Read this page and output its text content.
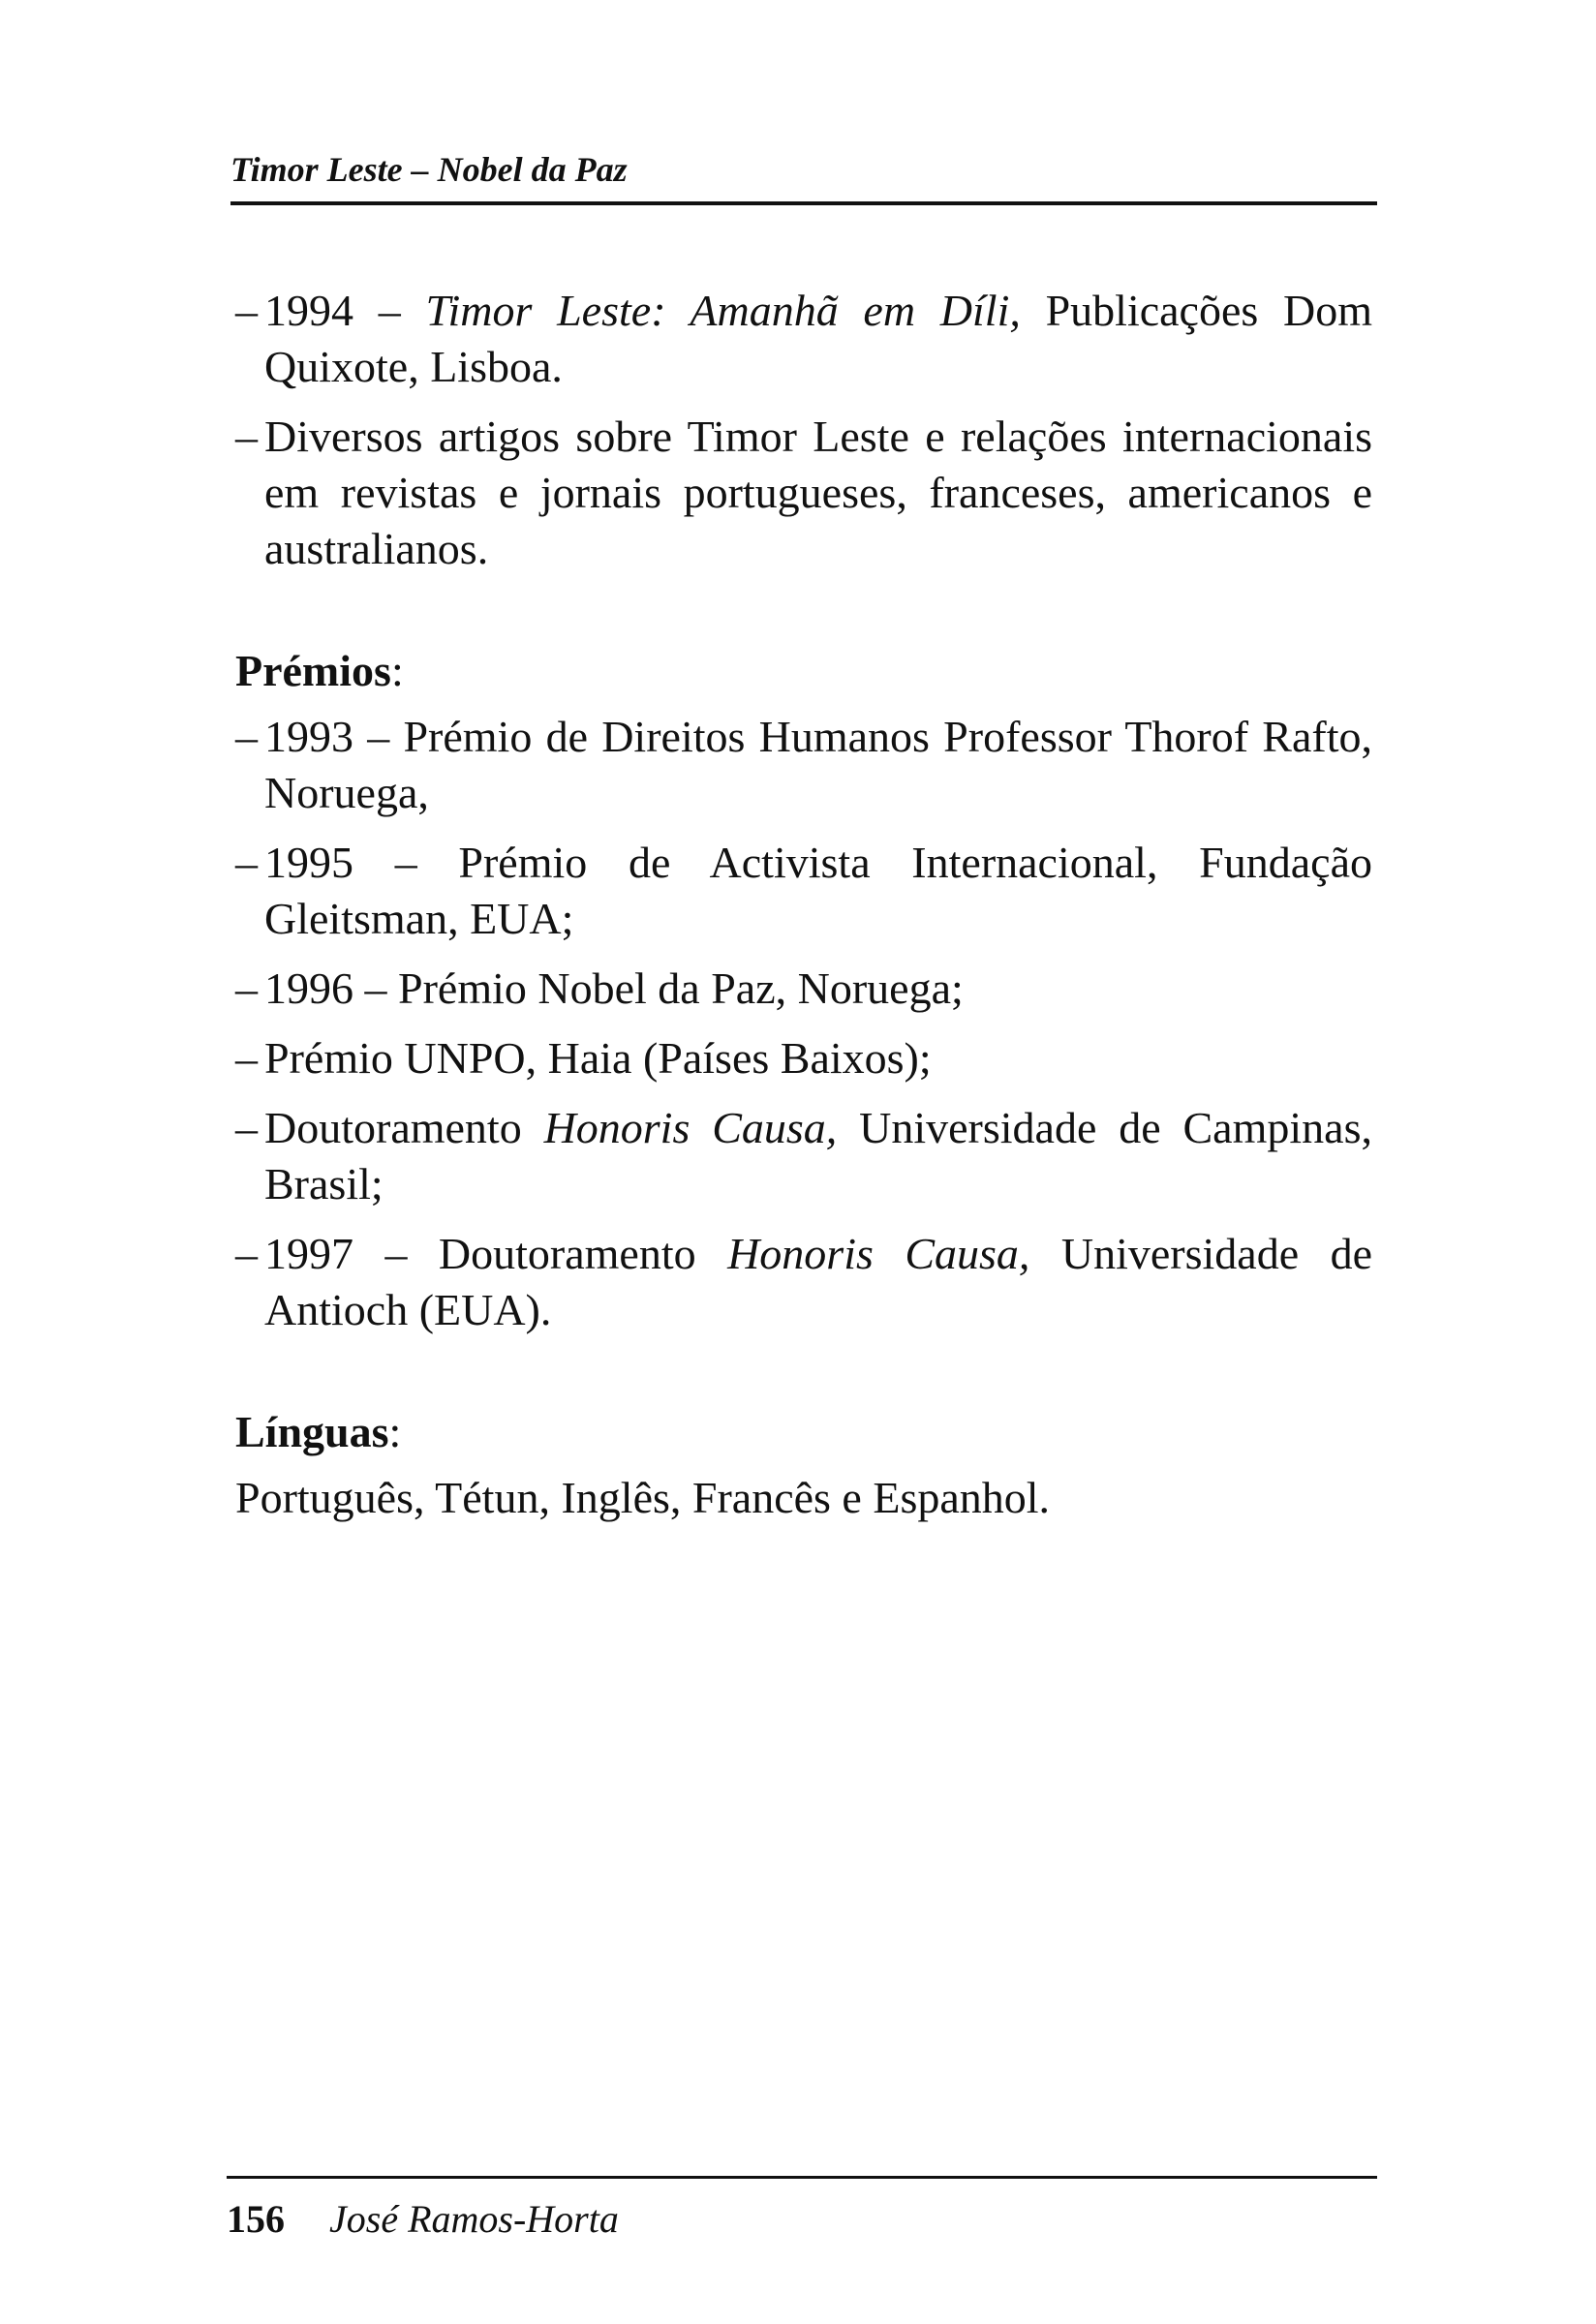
Timor Leste – Nobel da Paz

– 1994 – Timor Leste: Amanhã em Díli, Publicações Dom Quixote, Lisboa.

– Diversos artigos sobre Timor Leste e relações internacionais em revistas e jornais portugueses, franceses, americanos e australianos.

Prémios:

– 1993 – Prémio de Direitos Humanos Professor Thorof Rafto, Noruega,

– 1995 – Prémio de Activista Internacional, Fundação Gleitsman, EUA;

– 1996 – Prémio Nobel da Paz, Noruega;

– Prémio UNPO, Haia (Países Baixos);

– Doutoramento Honoris Causa, Universidade de Campinas, Brasil;

– 1997 – Doutoramento Honoris Causa, Universidade de Antioch (EUA).

Línguas:

Português, Tétun, Inglês, Francês e Espanhol.

156 José Ramos-Horta
